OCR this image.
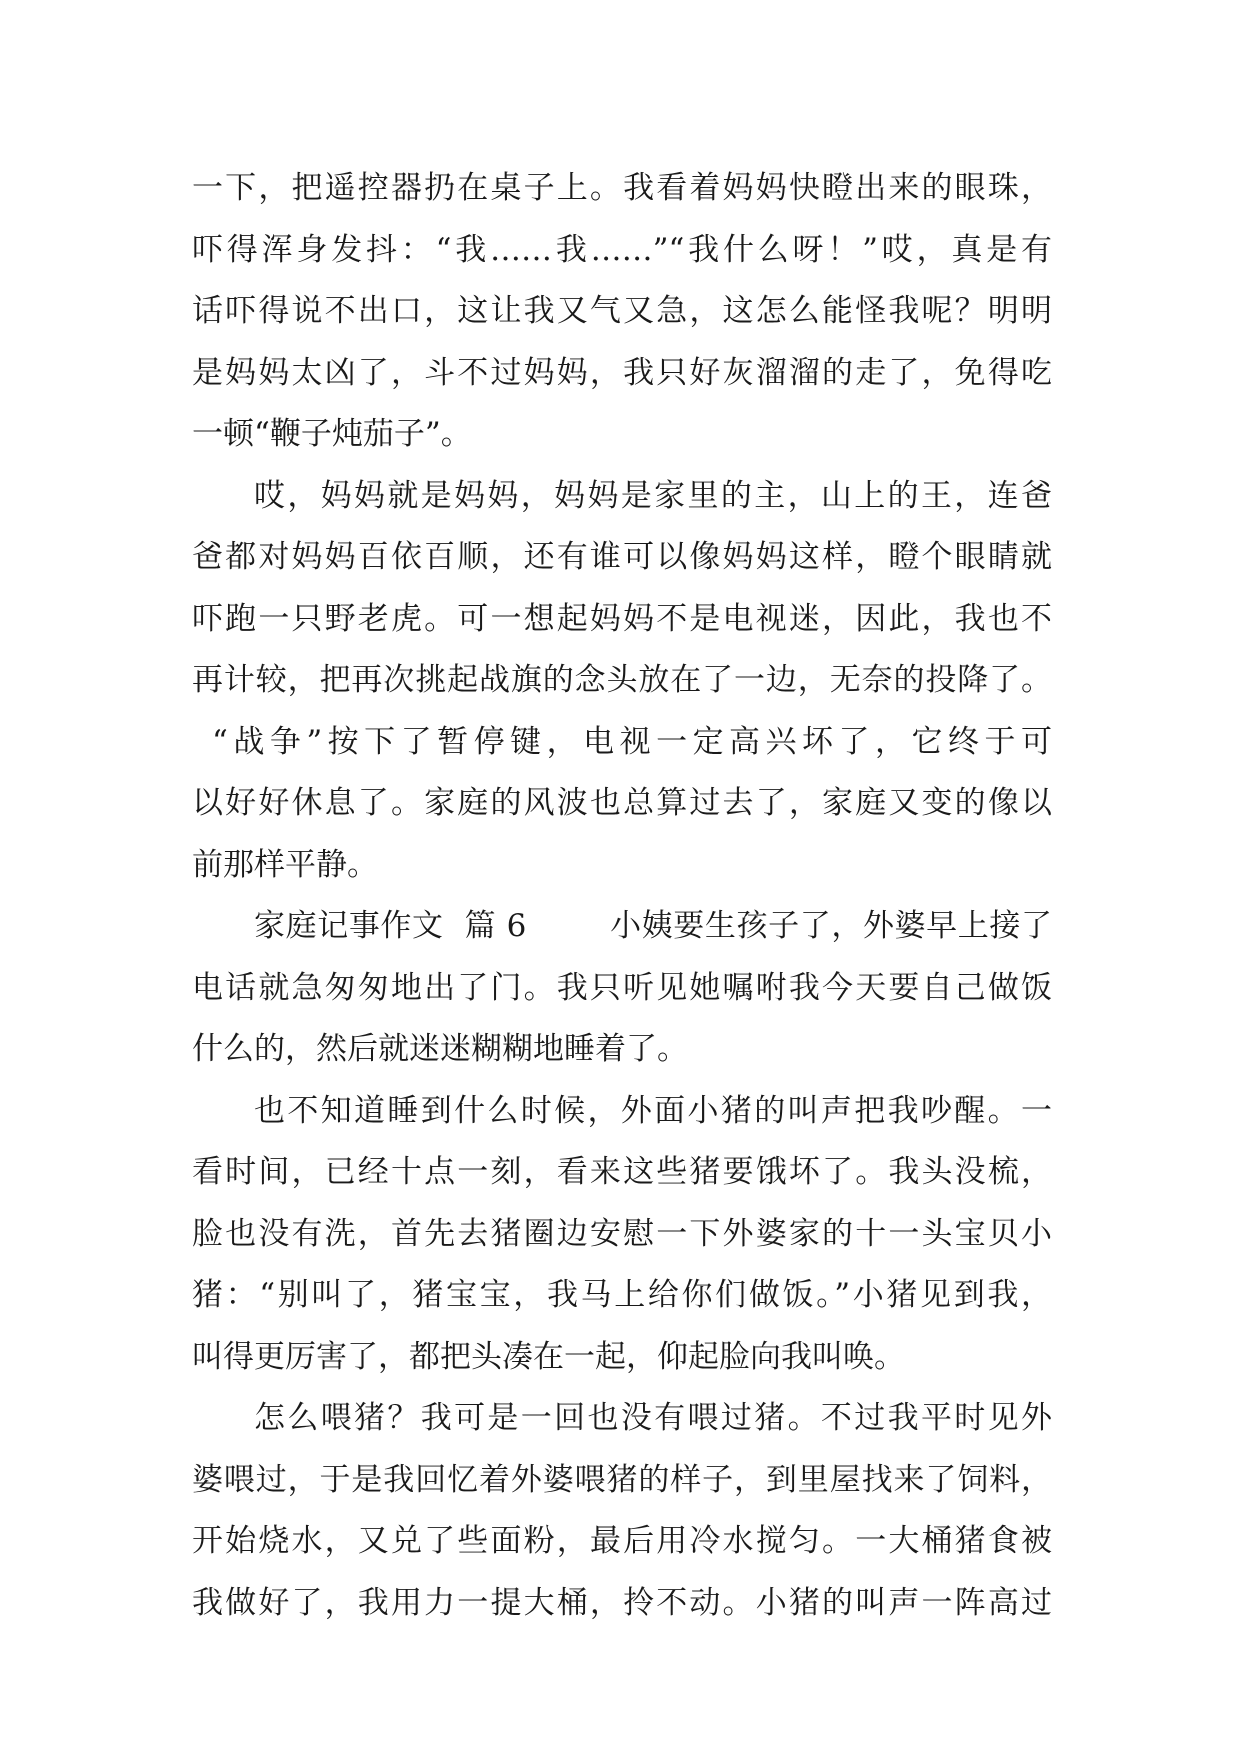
一下，把遥控器扔在桌子上。我看着妈妈快瞪出来的眼珠，
吓得浑身发抖：“我……我……”“我什么呀！”哎，真是有
话吓得说不出口，这让我又气又急，这怎么能怪我呢？明明
是妈妈太凶了，斗不过妈妈，我只好灰溜溜的走了，免得吃
一顿“鞭子炖茄子”。
哎，妈妈就是妈妈，妈妈是家里的主，山上的王，连爸
爸都对妈妈百依百顺，还有谁可以像妈妈这样，瞪个眼睛就
吓跑一只野老虎。可一想起妈妈不是电视迷，因此，我也不
再计较，把再次挑起战旗的念头放在了一边，无奈的投降了。
“战争”按下了暂停键，电视一定高兴坏了，它终于可
以好好休息了。家庭的风波也总算过去了，家庭又变的像以
前那样平静。
家庭记事作文  篇 6        小姨要生孩子了，外婆早上接了
电话就急匆匆地出了门。我只听见她嘱咐我今天要自己做饭
什么的，然后就迷迷糊糊地睡着了。
也不知道睡到什么时候，外面小猪的叫声把我吵醒。一
看时间，已经十点一刻，看来这些猪要饿坏了。我头没梳，
脸也没有洗，首先去猪圈边安慰一下外婆家的十一头宝贝小
猪：“别叫了，猪宝宝，我马上给你们做饭。”小猪见到我，
叫得更厉害了，都把头凑在一起，仰起脸向我叫唤。
怎么喂猪？我可是一回也没有喂过猪。不过我平时见外
婆喂过，于是我回忆着外婆喂猪的样子，到里屋找来了饲料，
开始烧水，又兑了些面粉，最后用冷水搅匀。一大桶猪食被
我做好了，我用力一提大桶，拎不动。小猪的叫声一阵高过
